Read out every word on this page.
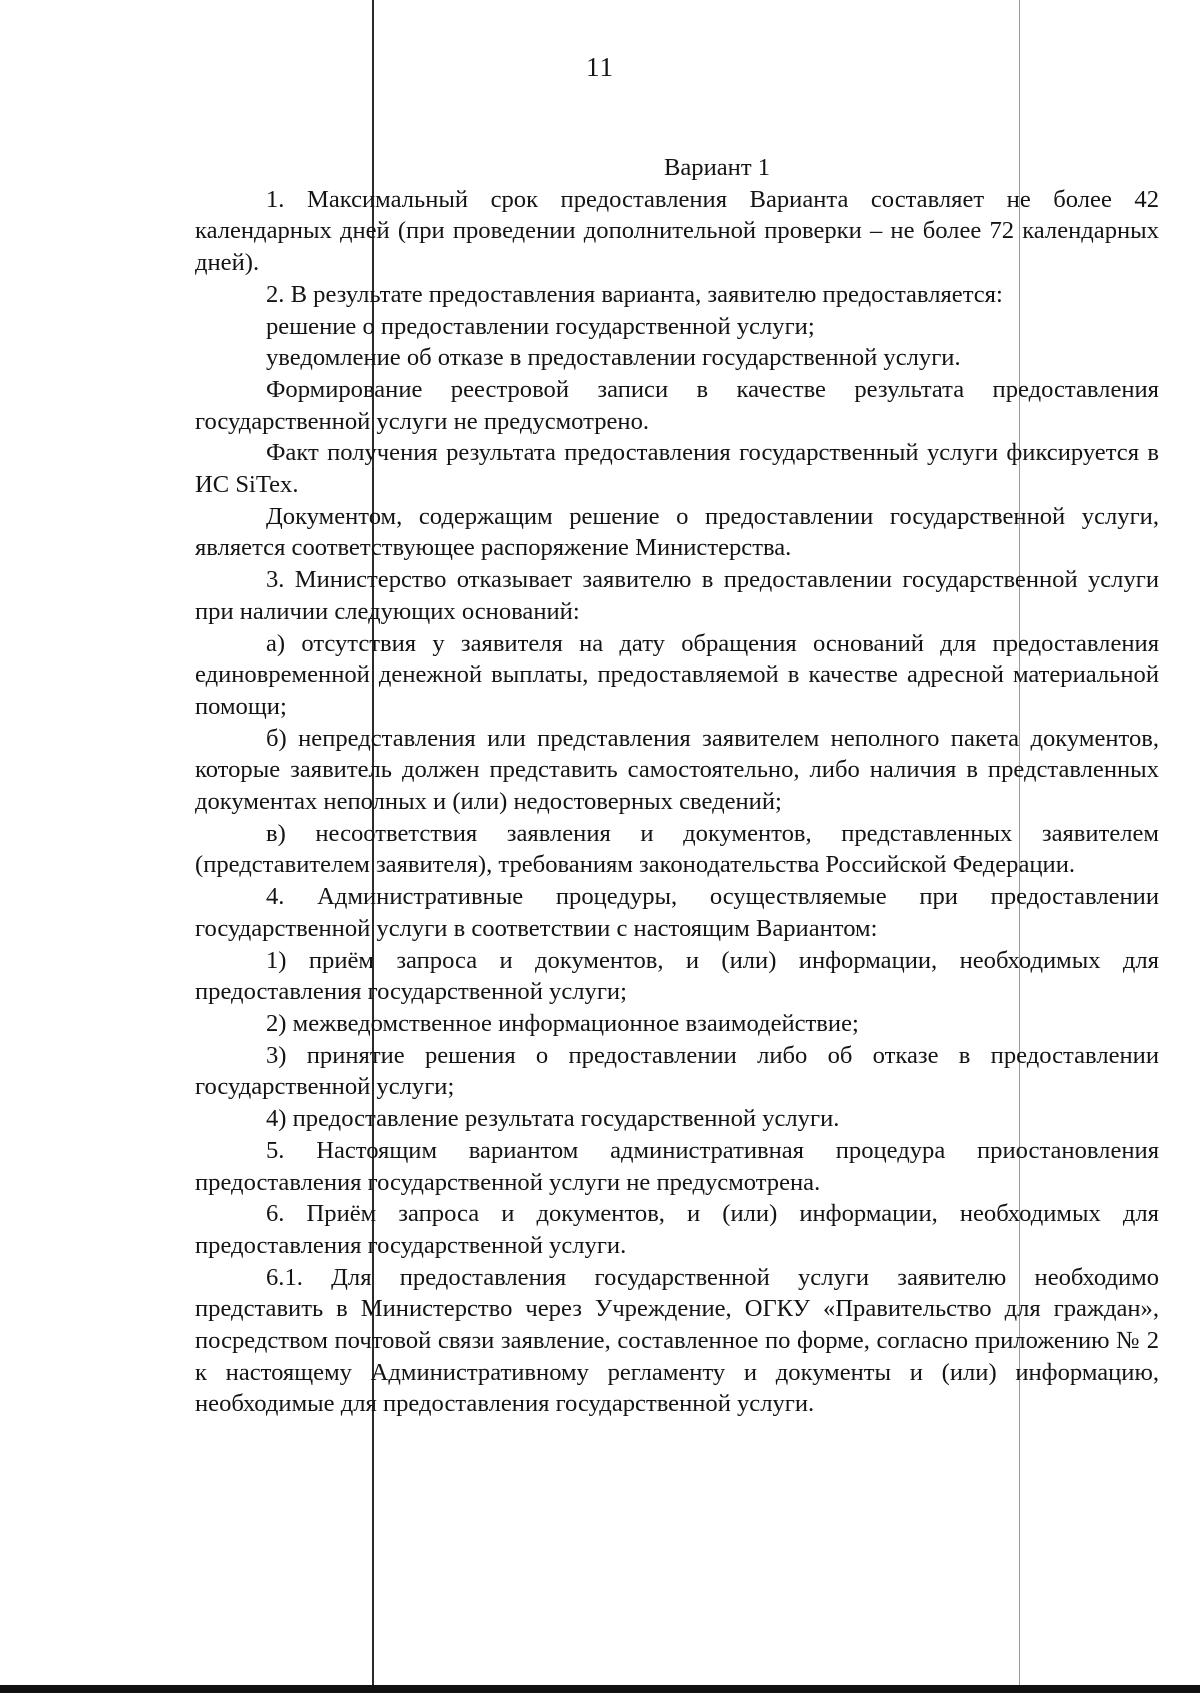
11
Вариант 1

1. Максимальный срок предоставления Варианта составляет не более 42 календарных дней (при проведении дополнительной проверки – не более 72 календарных дней).

2. В результате предоставления варианта, заявителю предоставляется:

решение о предоставлении государственной услуги;

уведомление об отказе в предоставлении государственной услуги.

Формирование реестровой записи в качестве результата предоставления государственной услуги не предусмотрено.

Факт получения результата предоставления государственный услуги фиксируется в ИС SiTex.

Документом, содержащим решение о предоставлении государственной услуги, является соответствующее распоряжение Министерства.

3. Министерство отказывает заявителю в предоставлении государственной услуги при наличии следующих оснований:

а) отсутствия у заявителя на дату обращения оснований для предоставления единовременной денежной выплаты, предоставляемой в качестве адресной материальной помощи;

б) непредставления или представления заявителем неполного пакета документов, которые заявитель должен представить самостоятельно, либо наличия в представленных документах неполных и (или) недостоверных сведений;

в) несоответствия заявления и документов, представленных заявителем (представителем заявителя), требованиям законодательства Российской Федерации.

4. Административные процедуры, осуществляемые при предоставлении государственной услуги в соответствии с настоящим Вариантом:

1) приём запроса и документов, и (или) информации, необходимых для предоставления государственной услуги;

2) межведомственное информационное взаимодействие;

3) принятие решения о предоставлении либо об отказе в предоставлении государственной услуги;

4) предоставление результата государственной услуги.

5. Настоящим вариантом административная процедура приостановления предоставления государственной услуги не предусмотрена.

6. Приём запроса и документов, и (или) информации, необходимых для предоставления государственной услуги.

6.1. Для предоставления государственной услуги заявителю необходимо представить в Министерство через Учреждение, ОГКУ «Правительство для граждан», посредством почтовой связи заявление, составленное по форме, согласно приложению № 2 к настоящему Административному регламенту и документы и (или) информацию, необходимые для предоставления государственной услуги.
